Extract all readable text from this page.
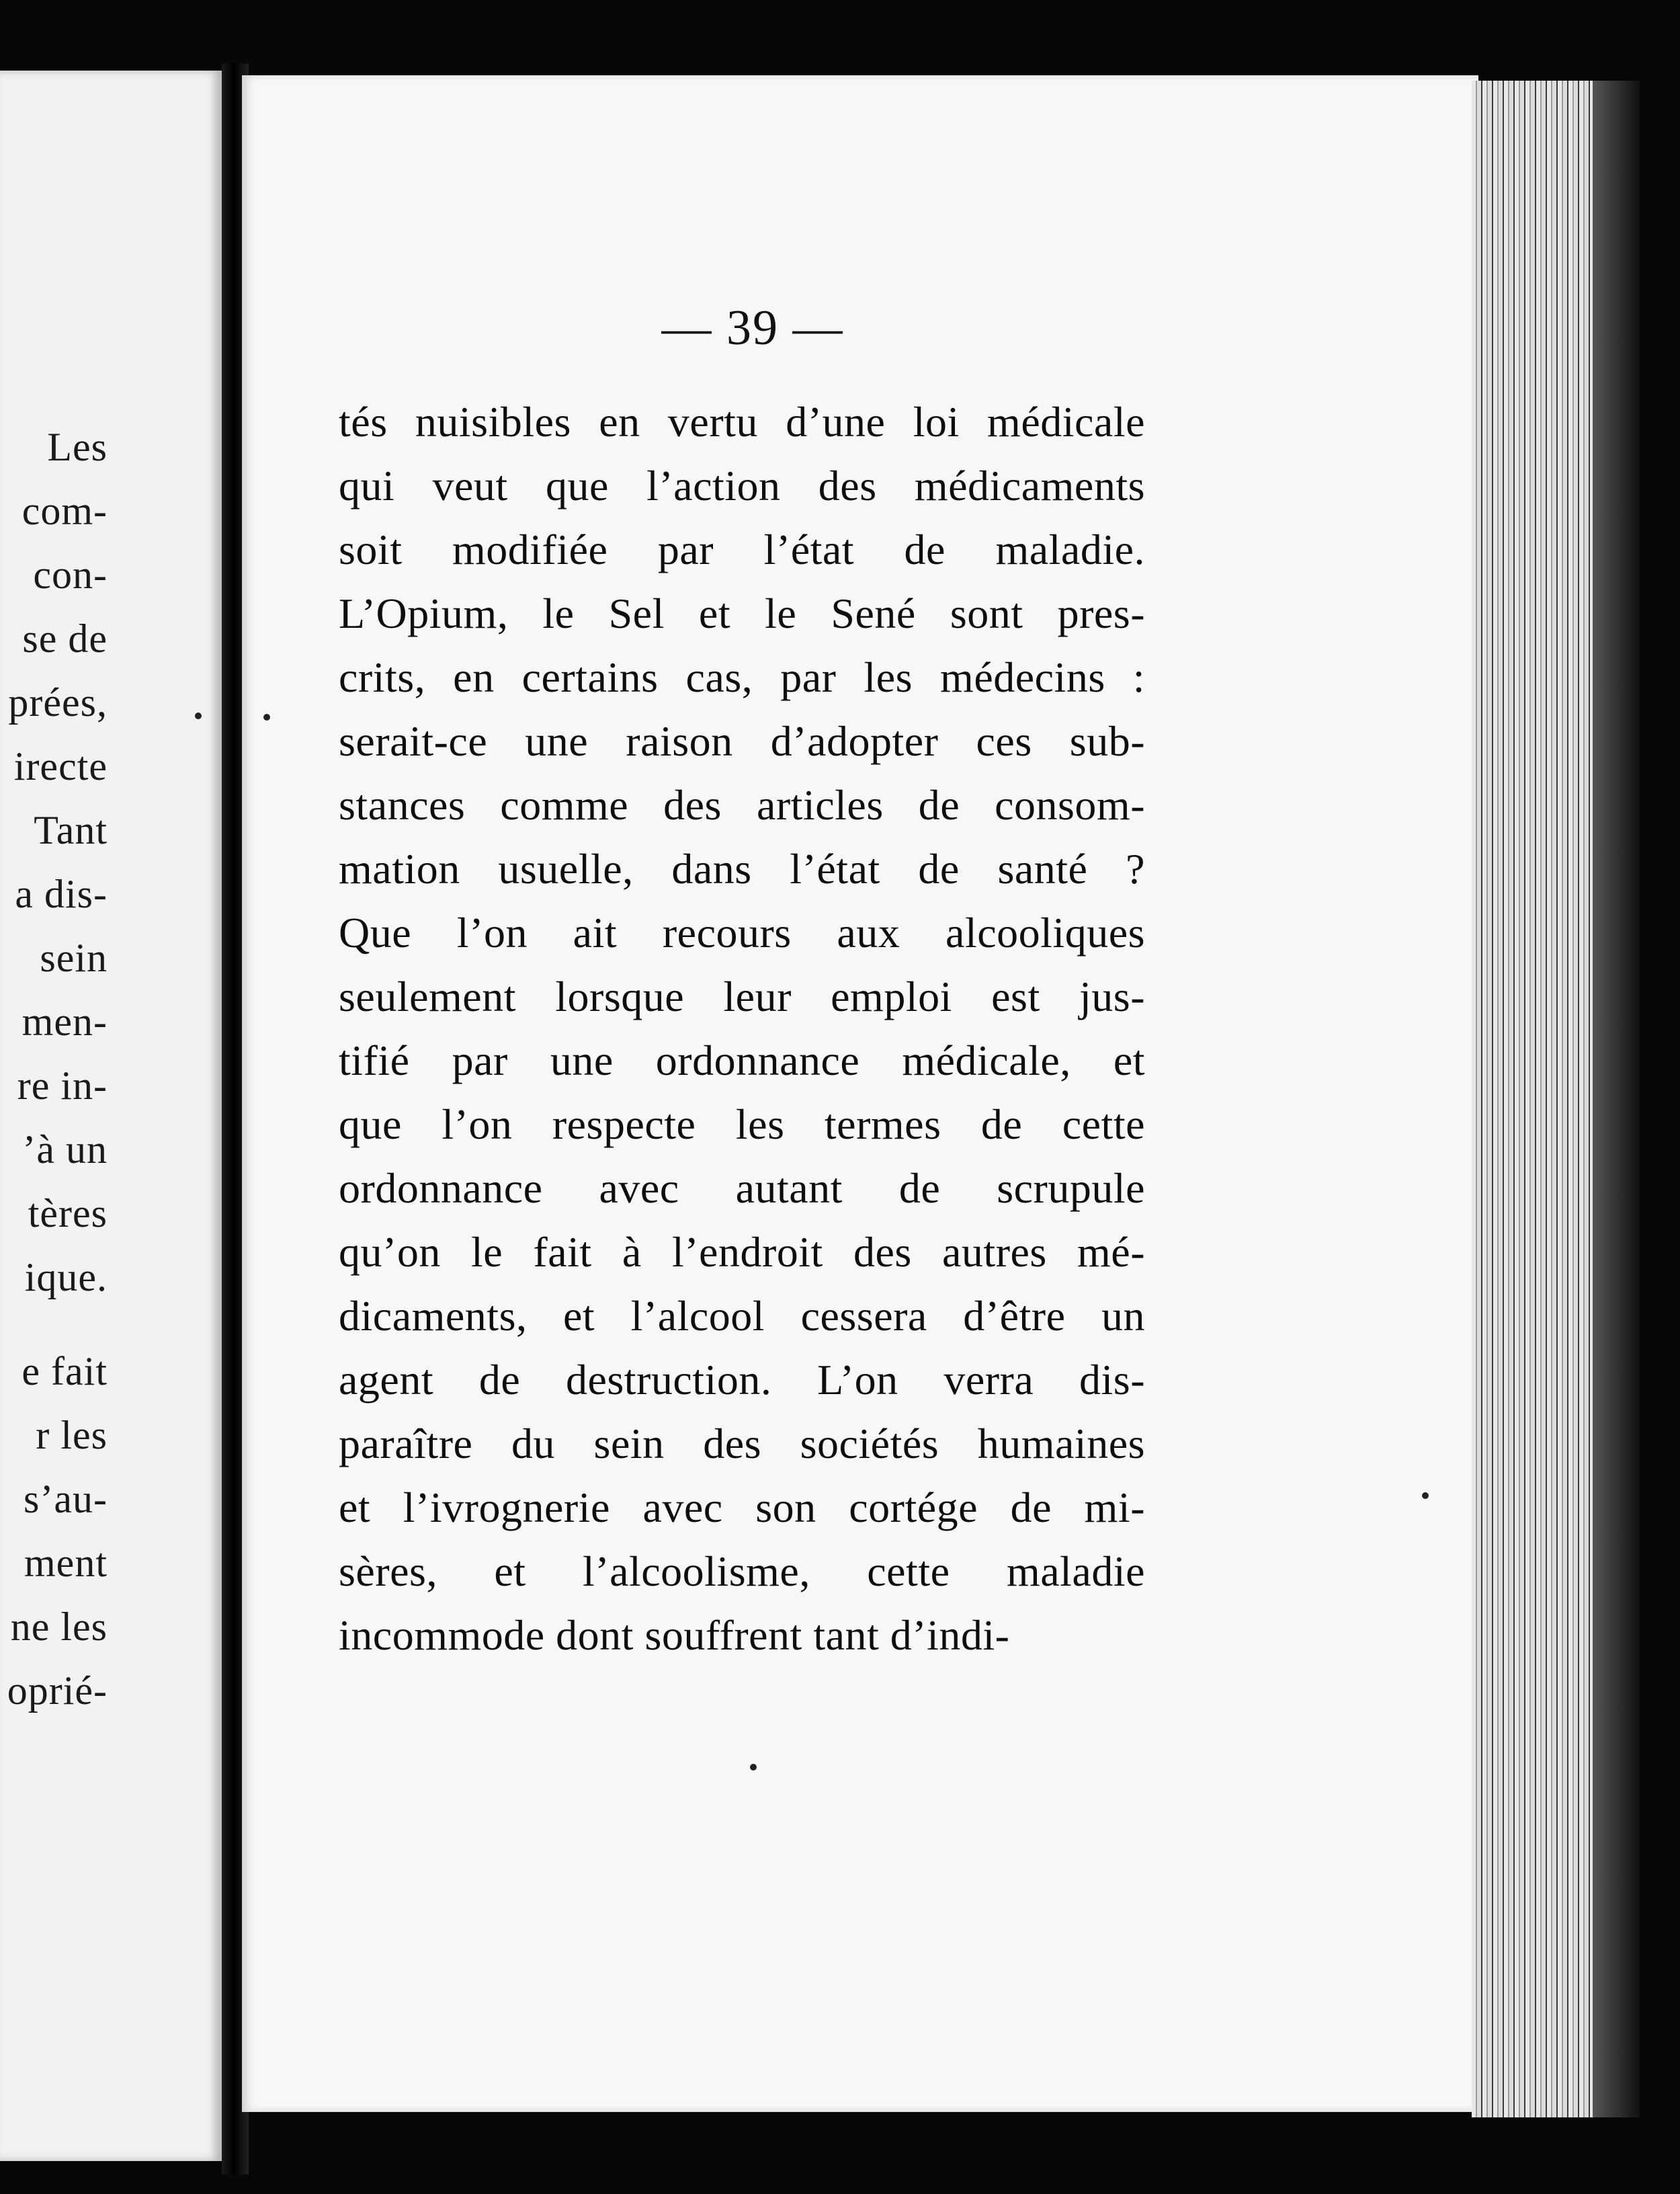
Les
com-
con-
se de
prées,
irecte
Tant
a dis-
sein
men-
re in-
’à un
tères
ique.
e fait
r les
s’au-
ment
ne les
oprié-
— 39 —
tés nuisibles en vertu d’une loi médicale
qui veut que l’action des médicaments
soit modifiée par l’état de maladie.
L’Opium, le Sel et le Sené sont pres-
crits, en certains cas, par les médecins :
serait-ce une raison d’adopter ces sub-
stances comme des articles de consom-
mation usuelle, dans l’état de santé ?
Que l’on ait recours aux alcooliques
seulement lorsque leur emploi est jus-
tifié par une ordonnance médicale, et
que l’on respecte les termes de cette
ordonnance avec autant de scrupule
qu’on le fait à l’endroit des autres mé-
dicaments, et l’alcool cessera d’être un
agent de destruction. L’on verra dis-
paraître du sein des sociétés humaines
et l’ivrognerie avec son cortége de mi-
sères, et l’alcoolisme, cette maladie
incommode dont souffrent tant d’indi-
